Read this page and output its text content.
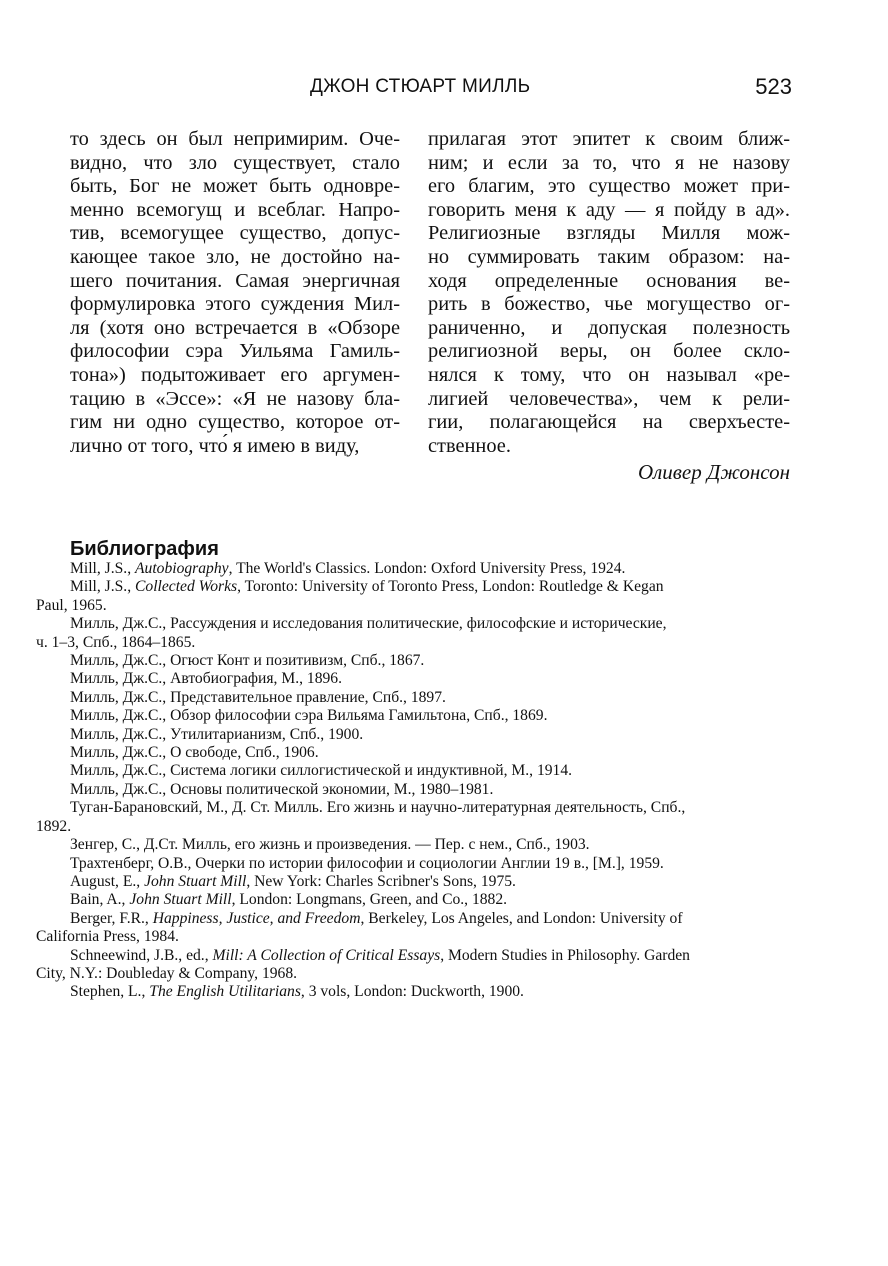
ДЖОН СТЮАРТ МИЛЛЬ	523
то здесь он был непримирим. Оче-
видно, что зло существует, стало
быть, Бог не может быть одновре-
менно всемогущ и всеблаг. Напро-
тив, всемогущее существо, допус-
кающее такое зло, не достойно на-
шего почитания. Самая энергичная
формулировка этого суждения Мил-
ля (хотя оно встречается в «Обзоре
философии сэра Уильяма Гамиль-
тона») подытоживает его аргумен-
тацию в «Эссе»: «Я не назову бла-
гим ни одно существо, которое от-
лично от того, что́ я имею в виду,
прилагая этот эпитет к своим ближ-
ним; и если за то, что я не назову
его благим, это существо может при-
говорить меня к аду — я пойду в ад».
Религиозные взгляды Милля мож-
но суммировать таким образом: на-
ходя определенные основания ве-
рить в божество, чье могущество ог-
раниченно, и допуская полезность
религиозной веры, он более скло-
нялся к тому, что он называл «ре-
лигией человечества», чем к рели-
гии, полагающейся на сверхъесте-
ственное.
Оливер Джонсон
Библиография
Mill, J.S., Autobiography, The World's Classics. London: Oxford University Press, 1924.
Mill, J.S., Collected Works, Toronto: University of Toronto Press, London: Routledge & Kegan
Paul, 1965.
Милль, Дж.С., Рассуждения и исследования политические, философские и исторические,
ч. 1–3, Спб., 1864–1865.
Милль, Дж.С., Огюст Конт и позитивизм, Спб., 1867.
Милль, Дж.С., Автобиография, М., 1896.
Милль, Дж.С., Представительное правление, Спб., 1897.
Милль, Дж.С., Обзор философии сэра Вильяма Гамильтона, Спб., 1869.
Милль, Дж.С., Утилитарианизм, Спб., 1900.
Милль, Дж.С., О свободе, Спб., 1906.
Милль, Дж.С., Система логики силлогистической и индуктивной, М., 1914.
Милль, Дж.С., Основы политической экономии, М., 1980–1981.
Туган-Барановский, М., Д. Ст. Милль. Его жизнь и научно-литературная деятельность, Спб.,
1892.
Зенгер, С., Д.Ст. Милль, его жизнь и произведения. — Пер. с нем., Спб., 1903.
Трахтенберг, О.В., Очерки по истории философии и социологии Англии 19 в., [М.], 1959.
August, E., John Stuart Mill, New York: Charles Scribner's Sons, 1975.
Bain, A., John Stuart Mill, London: Longmans, Green, and Co., 1882.
Berger, F.R., Happiness, Justice, and Freedom, Berkeley, Los Angeles, and London: University of
California Press, 1984.
Schneewind, J.B., ed., Mill: A Collection of Critical Essays, Modern Studies in Philosophy. Garden
City, N.Y.: Doubleday & Company, 1968.
Stephen, L., The English Utilitarians, 3 vols, London: Duckworth, 1900.
